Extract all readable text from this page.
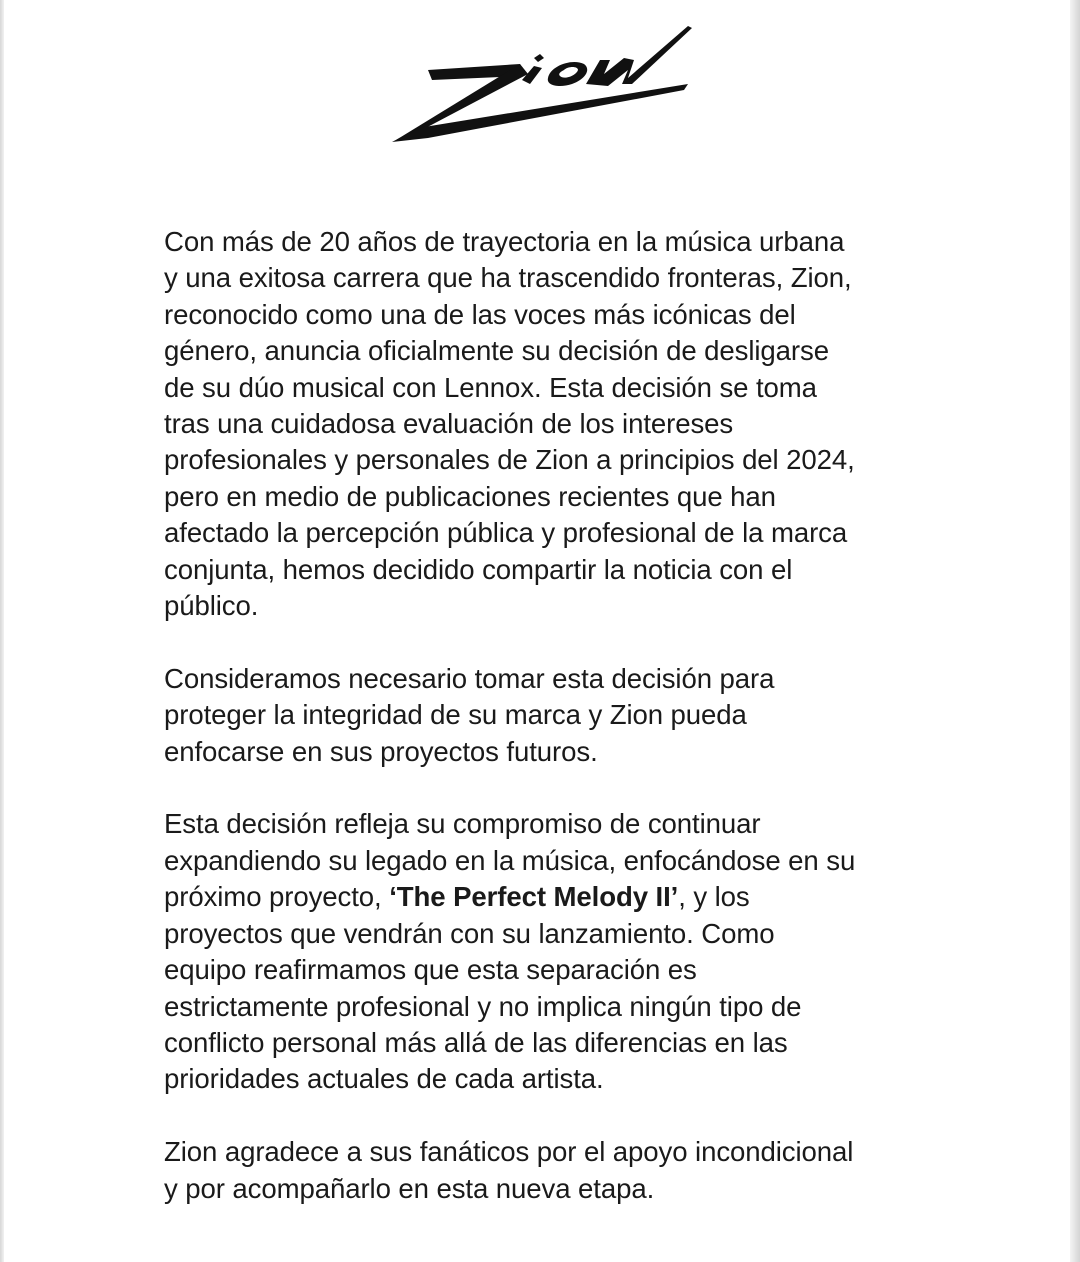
Con más de 20 años de trayectoria en la música urbana
y una exitosa carrera que ha trascendido fronteras, Zion,
reconocido como una de las voces más icónicas del
género, anuncia oficialmente su decisión de desligarse
de su dúo musical con Lennox. Esta decisión se toma
tras una cuidadosa evaluación de los intereses
profesionales y personales de Zion a principios del 2024,
pero en medio de publicaciones recientes que han
afectado la percepción pública y profesional de la marca
conjunta, hemos decidido compartir la noticia con el
público.

Consideramos necesario tomar esta decisión para
proteger la integridad de su marca y Zion pueda
enfocarse en sus proyectos futuros.

Esta decisión refleja su compromiso de continuar
expandiendo su legado en la música, enfocándose en su
próximo proyecto, ‘The Perfect Melody II’, y los
proyectos que vendrán con su lanzamiento. Como
equipo reafirmamos que esta separación es
estrictamente profesional y no implica ningún tipo de
conflicto personal más allá de las diferencias en las
prioridades actuales de cada artista.

Zion agradece a sus fanáticos por el apoyo incondicional
y por acompañarlo en esta nueva etapa.
